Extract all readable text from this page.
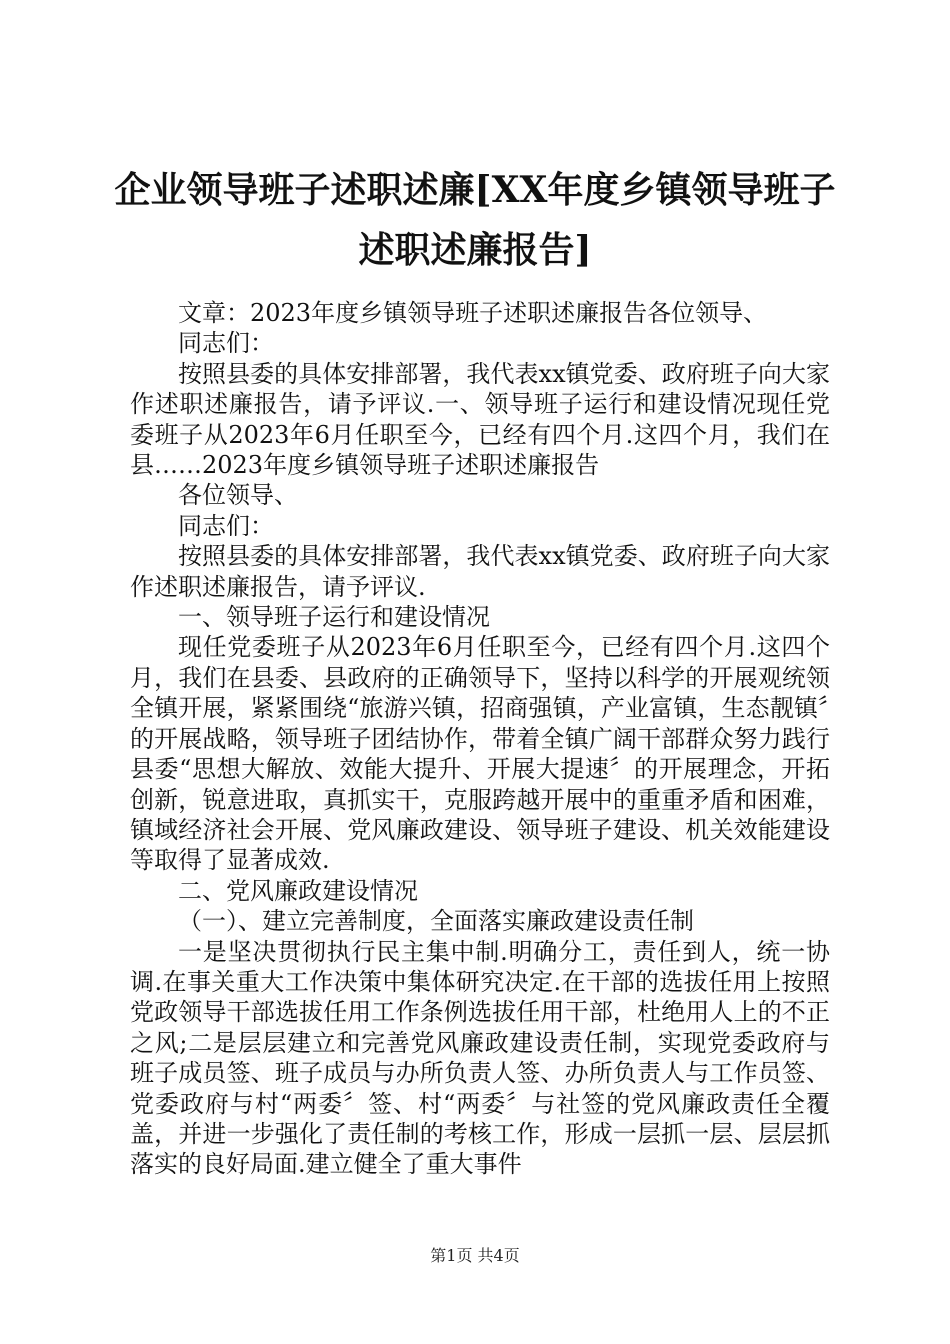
企业领导班子述职述廉[XX年度乡镇领导班子述职述廉报告]

文章：2023年度乡镇领导班子述职述廉报告各位领导、

同志们：

按照县委的具体安排部署，我代表xx镇党委、政府班子向大家作述职述廉报告，请予评议.一、领导班子运行和建设情况现任党委班子从2023年6月任职至今，已经有四个月.这四个月，我们在县……2023年度乡镇领导班子述职述廉报告

各位领导、

同志们：

按照县委的具体安排部署，我代表xx镇党委、政府班子向大家作述职述廉报告，请予评议.

一、领导班子运行和建设情况

现任党委班子从2023年6月任职至今，已经有四个月.这四个月，我们在县委、县政府的正确领导下，坚持以科学的开展观统领全镇开展，紧紧围绕“旅游兴镇，招商强镇，产业富镇，生态靓镇〞的开展战略，领导班子团结协作，带着全镇广阔干部群众努力践行县委“思想大解放、效能大提升、开展大提速〞的开展理念，开拓创新，锐意进取，真抓实干，克服跨越开展中的重重矛盾和困难，镇域经济社会开展、党风廉政建设、领导班子建设、机关效能建设等取得了显著成效.

二、党风廉政建设情况

（一）、建立完善制度，全面落实廉政建设责任制

一是坚决贯彻执行民主集中制.明确分工，责任到人，统一协调.在事关重大工作决策中集体研究决定.在干部的选拔任用上按照党政领导干部选拔任用工作条例选拔任用干部，杜绝用人上的不正之风;二是层层建立和完善党风廉政建设责任制，实现党委政府与班子成员签、班子成员与办所负责人签、办所负责人与工作员签、党委政府与村“两委〞签、村“两委〞与社签的党风廉政责任全覆盖，并进一步强化了责任制的考核工作，形成一层抓一层、层层抓落实的良好局面.建立健全了重大事件

第1页 共4页
